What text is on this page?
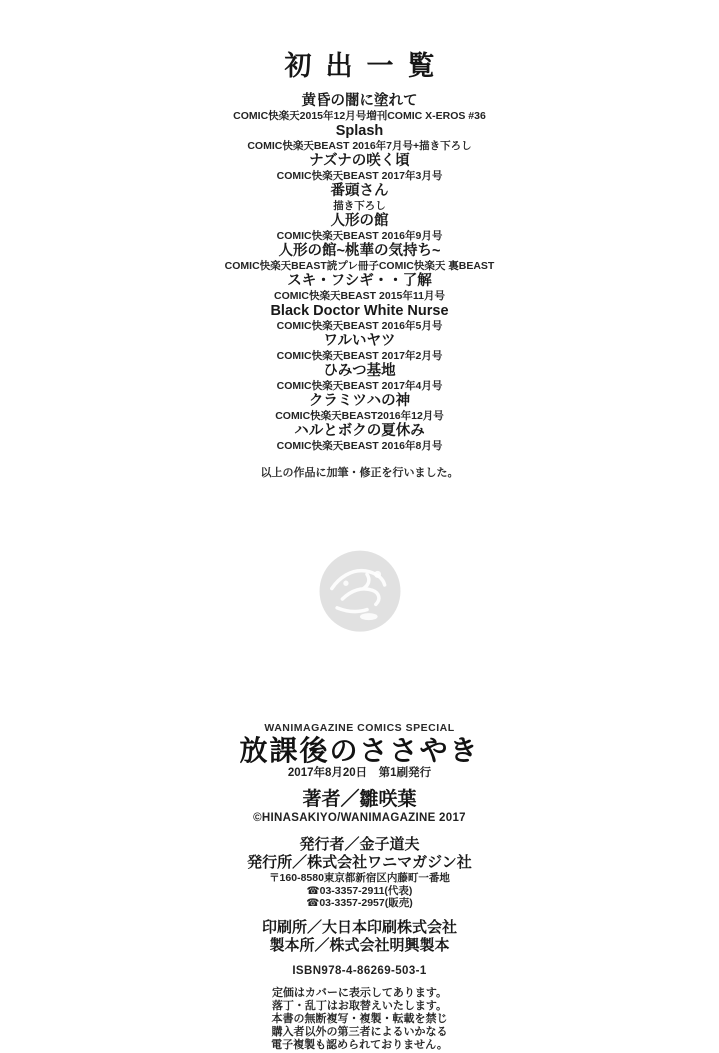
初出一覧
黄昏の闇に塗れて
COMIC快楽天2015年12月号増刊COMIC X-EROS #36
Splash
COMIC快楽天BEAST 2016年7月号+描き下ろし
ナズナの咲く頃
COMIC快楽天BEAST 2017年3月号
番頭さん
描き下ろし
人形の館
COMIC快楽天BEAST 2016年9月号
人形の館~桃華の気持ち~
COMIC快楽天BEAST読プレ冊子COMIC快楽天 裏BEAST
スキ・フシギ・・了解
COMIC快楽天BEAST 2015年11月号
Black Doctor White Nurse
COMIC快楽天BEAST 2016年5月号
ワルいヤツ
COMIC快楽天BEAST 2017年2月号
ひみつ基地
COMIC快楽天BEAST 2017年4月号
クラミツハの神
COMIC快楽天BEAST2016年12月号
ハルとボクの夏休み
COMIC快楽天BEAST 2016年8月号
以上の作品に加筆・修正を行いました。
WANIMAGAZINE COMICS SPECIAL
放課後のささやき
2017年8月20日　第1刷発行
著者／雛咲葉
©HINASAKIYO/WANIMAGAZINE 2017
発行者／金子道夫
発行所／株式会社ワニマガジン社
〒160-8580東京都新宿区内藤町一番地
☎03-3357-2911(代表)
☎03-3357-2957(販売)
印刷所／大日本印刷株式会社
製本所／株式会社明興製本
ISBN978-4-86269-503-1
定価はカバーに表示してあります。
落丁・乱丁はお取替えいたします。
本書の無断複写・複製・転載を禁じ
購入者以外の第三者によるいかなる
電子複製も認められておりません。
